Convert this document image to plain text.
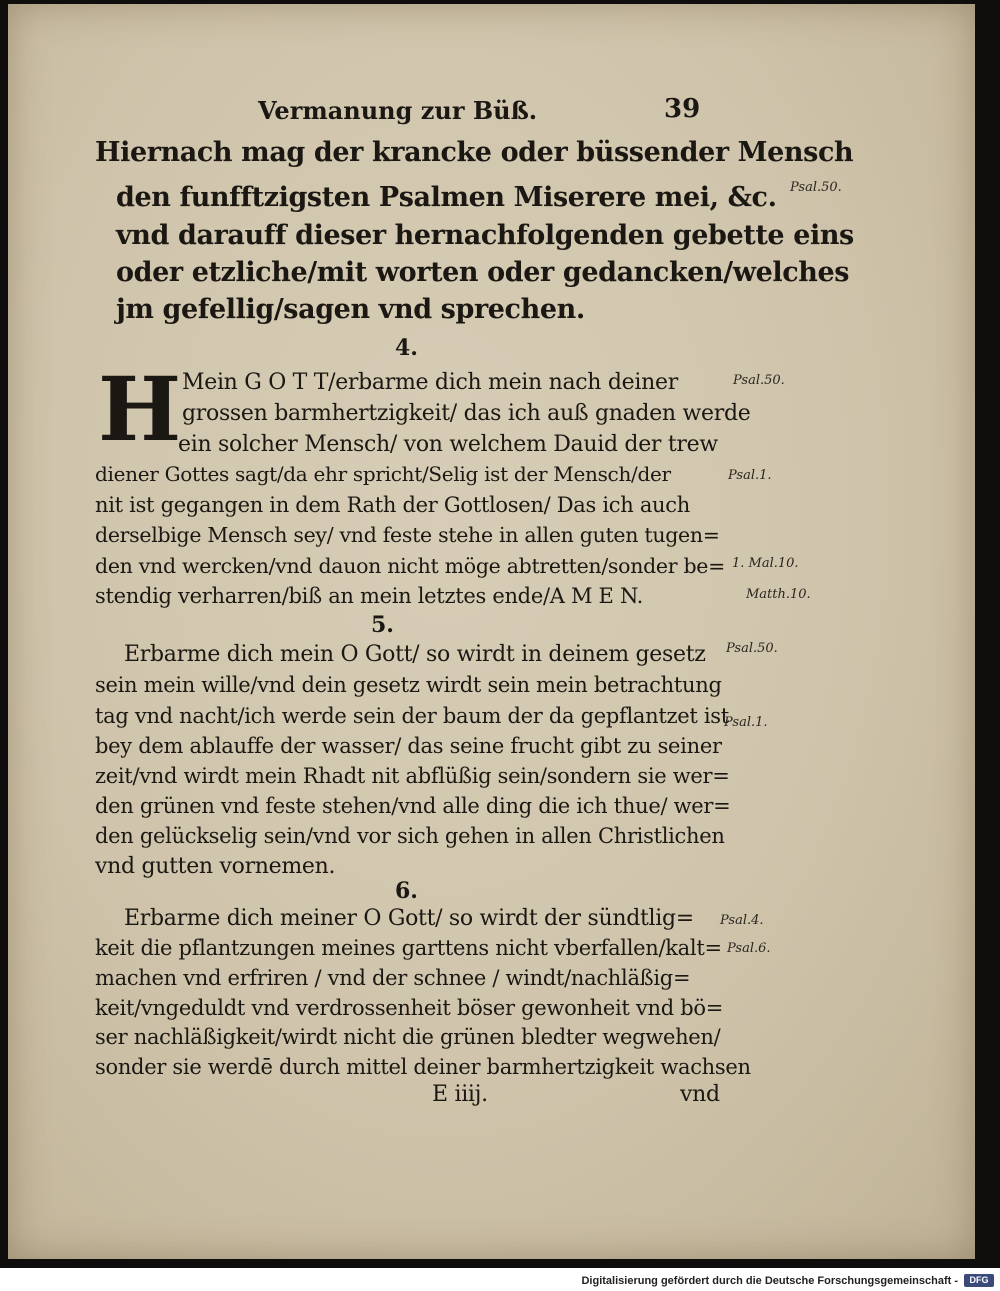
Vermanung zur Büß.	39
Hiernach mag der krancke oder büssender Mensch
den funfftzigsten Psalmen Miserere mei, &c.
vnd darauff dieser hernachfolgenden gebette eins
oder etzliche/mit worten oder gedancken/welches
jm gefellig/sagen vnd sprechen.
4.
H Mein G O T T/erbarme dich mein nach deiner
grossen barmhertzigkeit/ das ich auß gnaden werde
ein solcher Mensch/ von welchem Dauid der trew
diener Gottes sagt/da ehr spricht/Selig ist der Mensch/der
nit ist gegangen in dem Rath der Gottlosen/ Das ich auch
derselbige Mensch sey/ vnd feste stehe in allen guten tugen=
den vnd wercken/vnd dauon nicht möge abtretten/sonder be=
stendig verharren/biß an mein letztes ende/A M E N.
5.
Erbarme dich mein O Gott/ so wirdt in deinem gesetz
sein mein wille/vnd dein gesetz wirdt sein mein betrachtung
tag vnd nacht/ich werde sein der baum der da gepflantzet ist
bey dem ablauffe der wasser/ das seine frucht gibt zu seiner
zeit/vnd wirdt mein Rhadt nit abflüßig sein/sondern sie wer=
den grünen vnd feste stehen/vnd alle ding die ich thue/ wer=
den gelückselig sein/vnd vor sich gehen in allen Christlichen
vnd gutten vornemen.
6.
Erbarme dich meiner O Gott/ so wirdt der sündtlig=
keit die pflantzungen meines garttens nicht vberfallen/kalt=
machen vnd erfriren / vnd der schnee / windt/nachläßig=
keit/vngeduldt vnd verdrossenheit böser gewonheit vnd bö=
ser nachläßigkeit/wirdt nicht die grünen bledter wegwehen/
sonder sie werdē durch mittel deiner barmhertzigkeit wachsen
E iiij.	vnd
Psal.50.
Psal.50.
Psal.1.
1. Mal.10.
Matth.10.
Psal.50.
Psal.1.
Psal.4.
Psal.6.
Digitalisierung gefördert durch die Deutsche Forschungsgemeinschaft -	DFG
